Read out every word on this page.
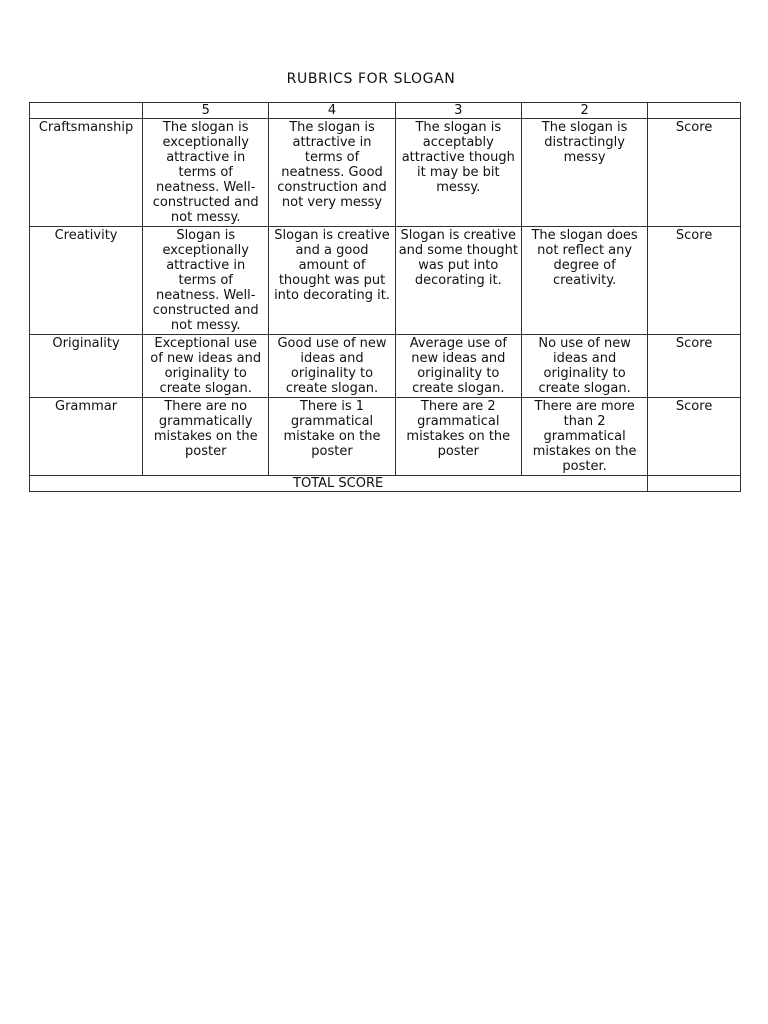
RUBRICS FOR SLOGAN
	5	4	3	2	
Craftsmanship	The slogan is exceptionally attractive in terms of neatness. Well-constructed and not messy.	The slogan is attractive in terms of neatness. Good construction and not very messy	The slogan is acceptably attractive though it may be bit messy.	The slogan is distractingly messy	Score
Creativity	Slogan is exceptionally attractive in terms of neatness. Well-constructed and not messy.	Slogan is creative and a good amount of thought was put into decorating it.	Slogan is creative and some thought was put into decorating it.	The slogan does not reflect any degree of creativity.	Score
Originality	Exceptional use of new ideas and originality to create slogan.	Good use of new ideas and originality to create slogan.	Average use of new ideas and originality to create slogan.	No use of new ideas and originality to create slogan.	Score
Grammar	There are no grammatically mistakes on the poster	There is 1 grammatical mistake on the poster	There are 2 grammatical mistakes on the poster	There are more than 2 grammatical mistakes on the poster.	Score
TOTAL SCORE					
